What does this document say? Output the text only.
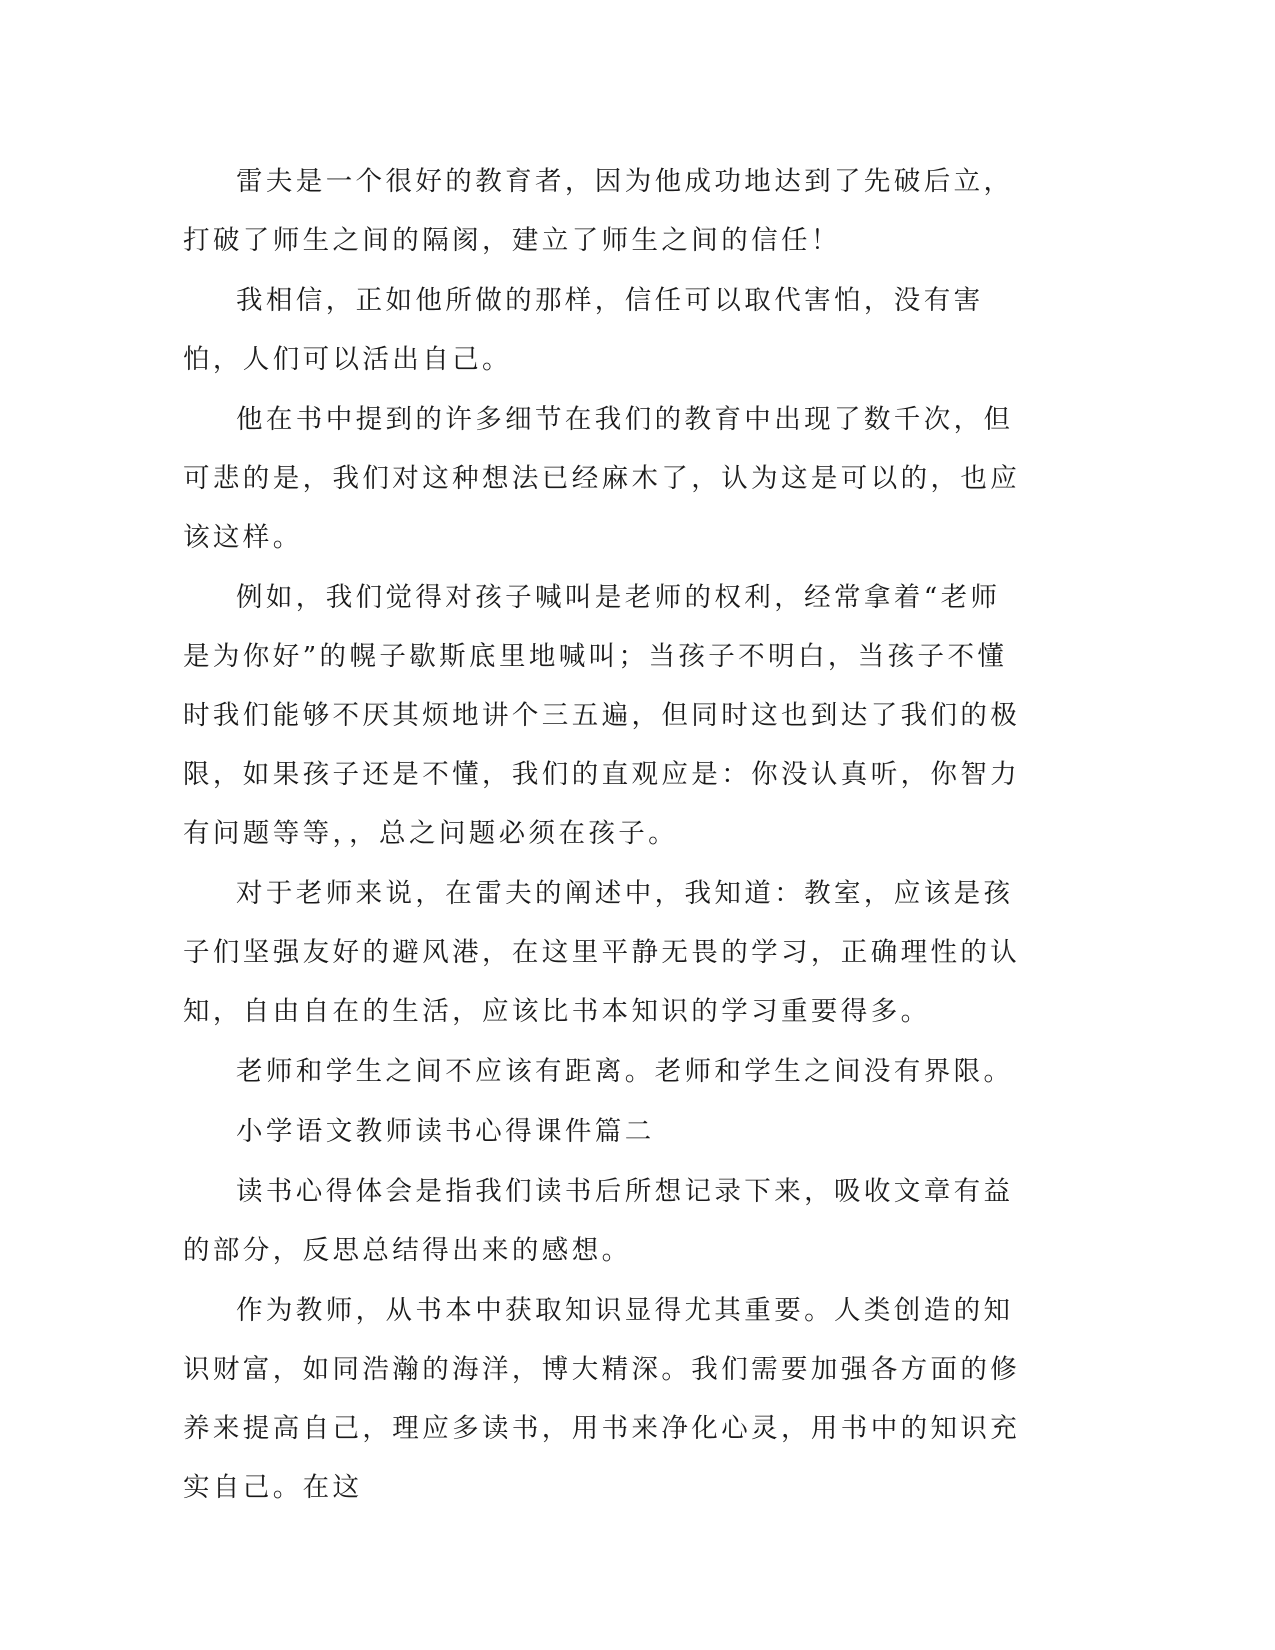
雷夫是一个很好的教育者，因为他成功地达到了先破后立，打破了师生之间的隔阂，建立了师生之间的信任！

我相信，正如他所做的那样，信任可以取代害怕，没有害怕，人们可以活出自己。

他在书中提到的许多细节在我们的教育中出现了数千次，但可悲的是，我们对这种想法已经麻木了，认为这是可以的，也应该这样。

例如，我们觉得对孩子喊叫是老师的权利，经常拿着“老师是为你好”的幌子歇斯底里地喊叫；当孩子不明白，当孩子不懂时我们能够不厌其烦地讲个三五遍，但同时这也到达了我们的极限，如果孩子还是不懂，我们的直观应是：你没认真听，你智力有问题等等，，总之问题必须在孩子。

对于老师来说，在雷夫的阐述中，我知道：教室，应该是孩子们坚强友好的避风港，在这里平静无畏的学习，正确理性的认知，自由自在的生活，应该比书本知识的学习重要得多。

老师和学生之间不应该有距离。老师和学生之间没有界限。

小学语文教师读书心得课件篇二

读书心得体会是指我们读书后所想记录下来，吸收文章有益的部分，反思总结得出来的感想。

作为教师，从书本中获取知识显得尤其重要。人类创造的知识财富，如同浩瀚的海洋，博大精深。我们需要加强各方面的修养来提高自己，理应多读书，用书来净化心灵，用书中的知识充实自己。在这
